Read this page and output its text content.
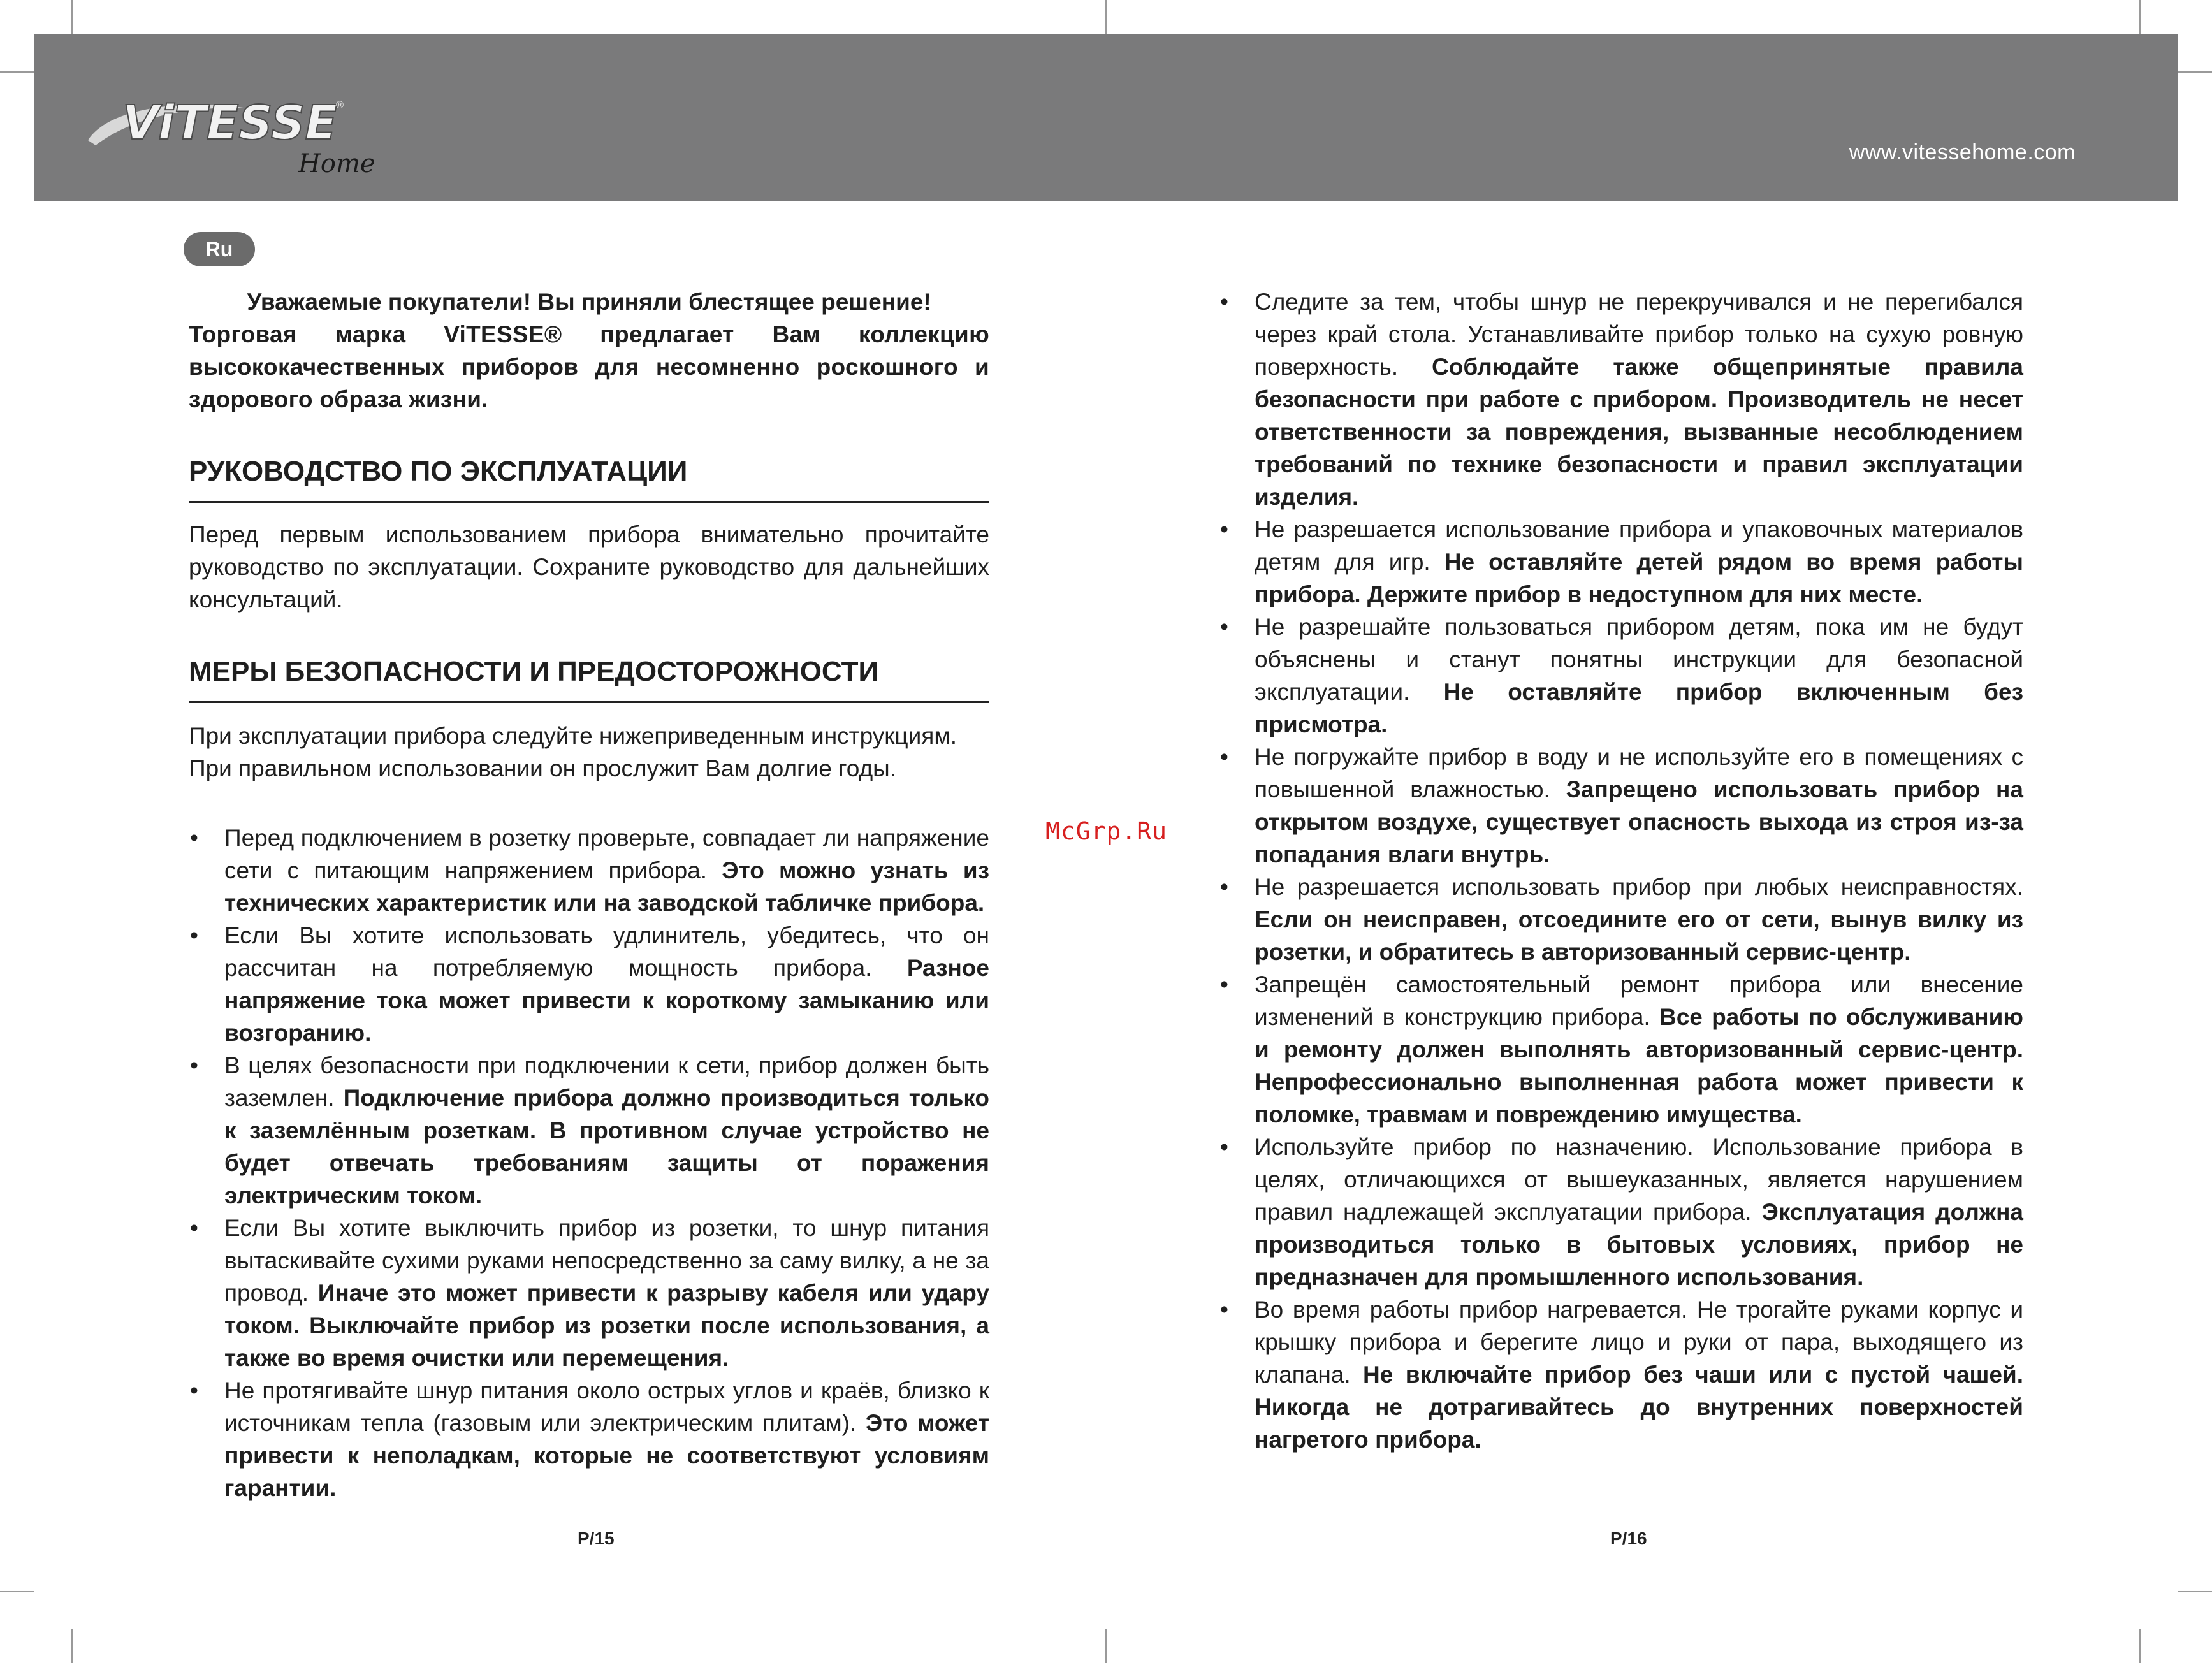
ViTESSE
®
Home	www.vitessehome.com
Ru

Уважаемые покупатели! Вы приняли блестящее решение!

Торговая марка ViTESSE® предлагает Вам коллекцию высококачественных приборов для несомненно роскошного и здорового образа жизни.

РУКОВОДСТВО ПО ЭКСПЛУАТАЦИИ

Перед первым использованием прибора внимательно прочитайте руководство по эксплуатации. Сохраните руководство для дальнейших консультаций.

МЕРЫ БЕЗОПАСНОСТИ И ПРЕДОСТОРОЖНОСТИ

При эксплуатации прибора следуйте нижеприведенным инструкциям.

При правильном использовании он прослужит Вам долгие годы.

• Перед подключением в розетку проверьте, совпадает ли напряжение сети с питающим напряжением прибора. Это можно узнать из технических характеристик или на заводской табличке прибора.
• Если Вы хотите использовать удлинитель, убедитесь, что он рассчитан на потребляемую мощность прибора. Разное напряжение тока может привести к короткому замыканию или возгоранию.
• В целях безопасности при подключении к сети, прибор должен быть заземлен. Подключение прибора должно производиться только к заземлённым розеткам. В противном случае устройство не будет отвечать требованиям защиты от поражения электрическим током.
• Если Вы хотите выключить прибор из розетки, то шнур питания вытаскивайте сухими руками непосредственно за саму вилку, а не за провод. Иначе это может привести к разрыву кабеля или удару током. Выключайте прибор из розетки после использования, а также во время очистки или перемещения.
• Не протягивайте шнур питания около острых углов и краёв, близко к источникам тепла (газовым или электрическим плитам). Это может привести к неполадкам, которые не соответствуют условиям гарантии.
• Следите за тем, чтобы шнур не перекручивался и не перегибался через край стола. Устанавливайте прибор только на сухую ровную поверхность. Соблюдайте также общепринятые правила безопасности при работе с прибором. Производитель не несет ответственности за повреждения, вызванные несоблюдением требований по технике безопасности и правил эксплуатации изделия.
• Не разрешается использование прибора и упаковочных материалов детям для игр. Не оставляйте детей рядом во время работы прибора. Держите прибор в недоступном для них месте.
• Не разрешайте пользоваться прибором детям, пока им не будут объяснены и станут понятны инструкции для безопасной эксплуатации. Не оставляйте прибор включенным без присмотра.
• Не погружайте прибор в воду и не используйте его в помещениях с повышенной влажностью. Запрещено использовать прибор на открытом воздухе, существует опасность выхода из строя из-за попадания влаги внутрь.
• Не разрешается использовать прибор при любых неисправностях. Если он неисправен, отсоедините его от сети, вынув вилку из розетки, и обратитесь в авторизованный сервис-центр.
• Запрещён самостоятельный ремонт прибора или внесение изменений в конструкцию прибора. Все работы по обслуживанию и ремонту должен выполнять авторизованный сервис-центр. Непрофессионально выполненная работа может привести к поломке, травмам и повреждению имущества.
• Используйте прибор по назначению. Использование прибора в целях, отличающихся от вышеуказанных, является нарушением правил надлежащей эксплуатации прибора. Эксплуатация должна производиться только в бытовых условиях, прибор не предназначен для промышленного использования.
• Во время работы прибор нагревается. Не трогайте руками корпус и крышку прибора и берегите лицо и руки от пара, выходящего из клапана. Не включайте прибор без чаши или с пустой чашей. Никогда не дотрагивайтесь до внутренних поверхностей нагретого прибора.
McGrp.Ru
P/15	P/16
